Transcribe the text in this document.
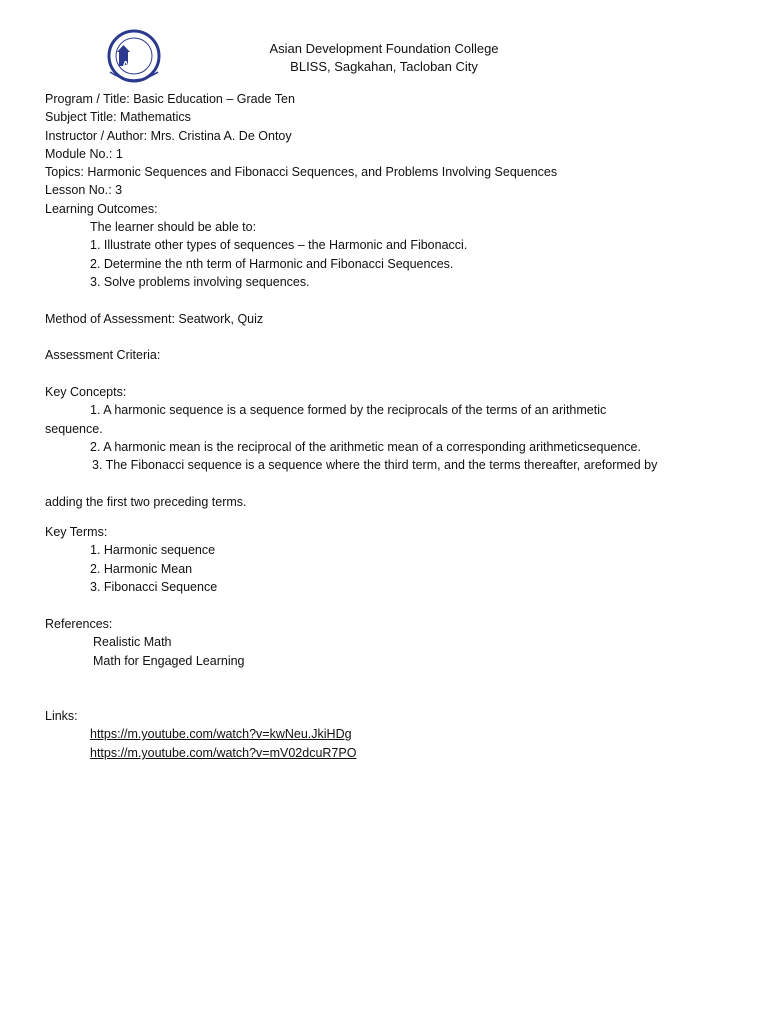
ADF
Asian Development Foundation College
BLISS, Sagkahan, Tacloban City
Program / Title: Basic Education – Grade Ten
Subject Title: Mathematics
Instructor / Author: Mrs. Cristina A. De Ontoy
Module No.: 1
Topics: Harmonic Sequences and Fibonacci Sequences, and Problems Involving Sequences
Lesson No.: 3
Learning Outcomes:
The learner should be able to:
1. Illustrate other types of sequences – the Harmonic and Fibonacci.
2. Determine the nth term of Harmonic and Fibonacci Sequences.
3. Solve problems involving sequences.
Method of Assessment: Seatwork, Quiz
Assessment Criteria:
Key Concepts:
1. A harmonic sequence is a sequence formed by the reciprocals of the terms of an arithmetic sequence.
2. A harmonic mean is the reciprocal of the arithmetic mean of a corresponding arithmeticsequence.
3. The Fibonacci sequence is a sequence where the third term, and the terms thereafter, areformed by
adding the first two preceding terms.
Key Terms:
1. Harmonic sequence
2. Harmonic Mean
3. Fibonacci Sequence
References:
Realistic Math
Math for Engaged Learning
Links:
https://m.youtube.com/watch?v=kwNeu.JkiHDg
https://m.youtube.com/watch?v=mV02dcuR7PO
